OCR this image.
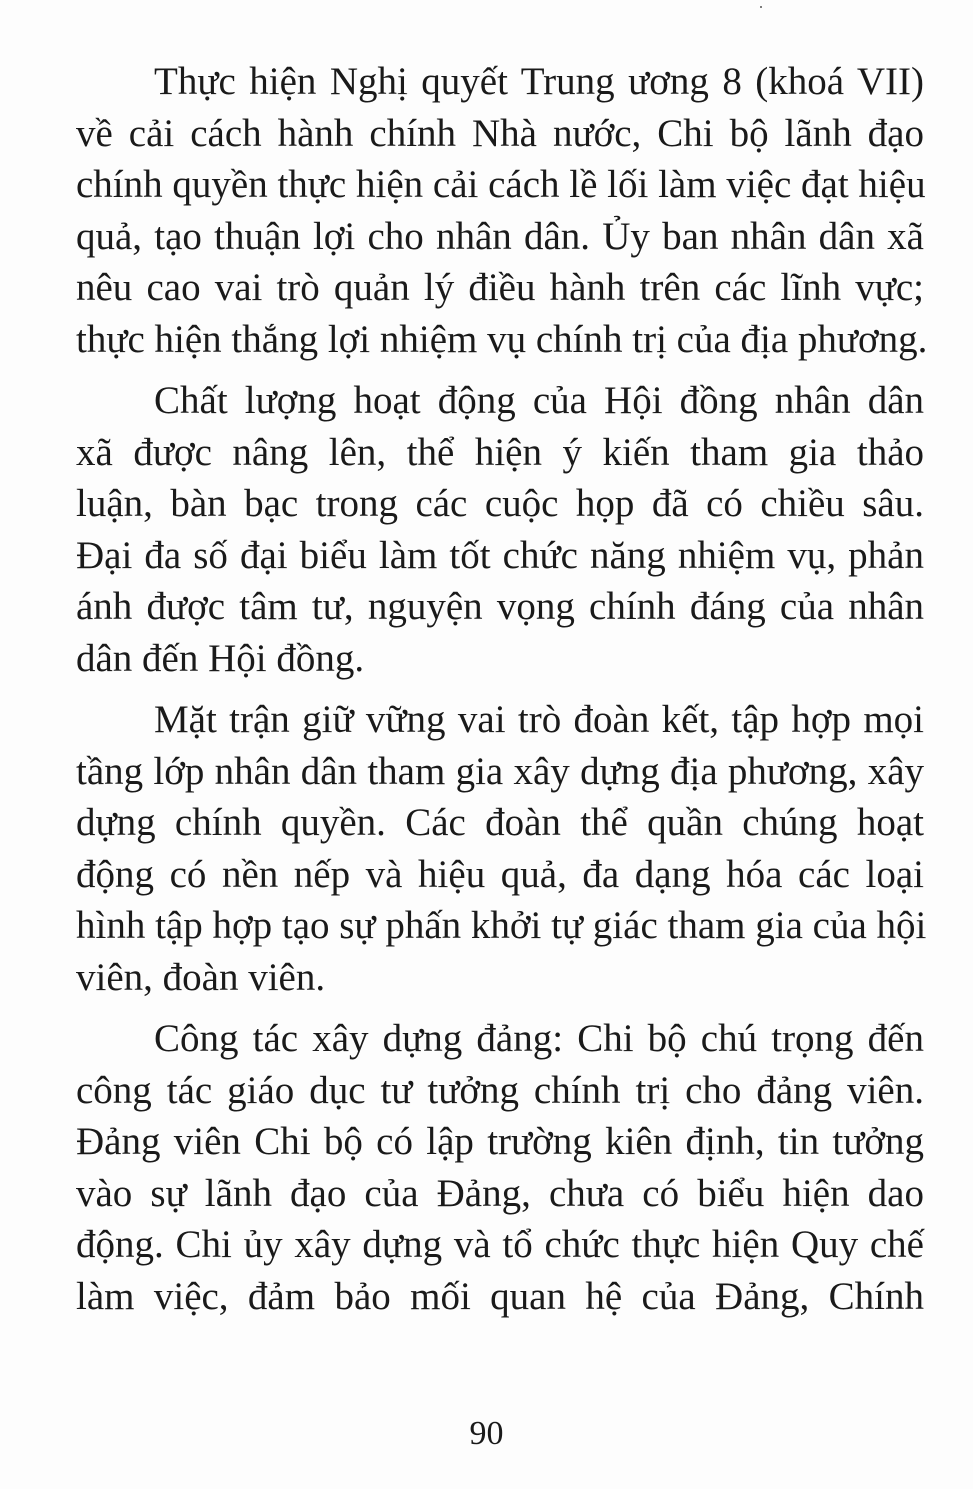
Thực hiện Nghị quyết Trung ương 8 (khoá VII)
về cải cách hành chính Nhà nước, Chi bộ lãnh đạo
chính quyền thực hiện cải cách lề lối làm việc đạt hiệu
quả, tạo thuận lợi cho nhân dân. Ủy ban nhân dân xã
nêu cao vai trò quản lý điều hành trên các lĩnh vực;
thực hiện thắng lợi nhiệm vụ chính trị của địa phương.
Chất lượng hoạt động của Hội đồng nhân dân
xã được nâng lên, thể hiện ý kiến tham gia thảo
luận, bàn bạc trong các cuộc họp đã có chiều sâu.
Đại đa số đại biểu làm tốt chức năng nhiệm vụ, phản
ánh được tâm tư, nguyện vọng chính đáng của nhân
dân đến Hội đồng.
Mặt trận giữ vững vai trò đoàn kết, tập hợp mọi
tầng lớp nhân dân tham gia xây dựng địa phương, xây
dựng chính quyền. Các đoàn thể quần chúng hoạt
động có nền nếp và hiệu quả, đa dạng hóa các loại
hình tập hợp tạo sự phấn khởi tự giác tham gia của hội
viên, đoàn viên.
Công tác xây dựng đảng: Chi bộ chú trọng đến
công tác giáo dục tư tưởng chính trị cho đảng viên.
Đảng viên Chi bộ có lập trường kiên định, tin tưởng
vào sự lãnh đạo của Đảng, chưa có biểu hiện dao
động. Chi ủy xây dựng và tổ chức thực hiện Quy chế
làm việc, đảm bảo mối quan hệ của Đảng, Chính
90
